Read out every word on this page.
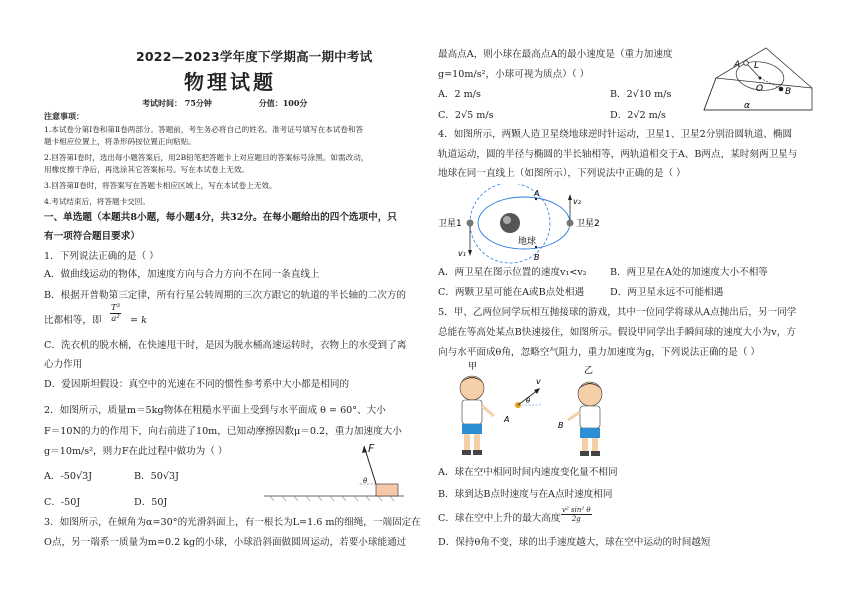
2022—2023学年度下学期高一期中考试
物理试题
考试时间： 75分钟	分值：100分
注意事项：
1.本试卷分第Ⅰ卷和第Ⅱ卷两部分。答题前，考生务必将自己的姓名、准考证号填写在本试卷和答
题卡相应位置上，将条形码按位置正向粘贴。
2.回答第Ⅰ卷时，选出每小题答案后，用2B铅笔把答题卡上对应题目的答案标号涂黑。如需改动，
用橡皮擦干净后，再选涂其它答案标号。写在本试卷上无效。
3.回答第Ⅱ卷时，将答案写在答题卡相应区域上，写在本试卷上无效。
4.考试结束后，将答题卡交回。
一、单选题（本题共8小题，每小题4分，共32分。在每小题给出的四个选项中，只
有一项符合题目要求）
1．下列说法正确的是（ ）
A．做曲线运动的物体，加速度方向与合力方向不在同一条直线上
B．根据开普勒第三定律，所有行星公转周期的三次方跟它的轨道的半长轴的二次方的
比都相等，即 $\frac{\text{T³}}{\text{a²}} = k$
C．洗衣机的脱水桶，在快速甩干时，是因为脱水桶高速运转时，衣物上的水受到了离
心力作用
D．爱因斯坦假设：真空中的光速在不同的惯性参考系中大小都是相同的
2．如图所示，质量m＝5kg物体在粗糙水平面上受到与水平面成 θ = 60°、大小
F＝10N的力的作用下，向右前进了10m，已知动摩擦因数μ＝0.2，重力加速度大小
g＝10m/s²，则力F在此过程中做功为（ ）
A．-50√3J	B．50√3J
C．-50J	D．50J
F
θ
3．如图所示，在倾角为α=30°的光滑斜面上，有一根长为L=1.6 m的细绳，一端固定在
O点，另一端系一质量为m=0.2 kg的小球，小球沿斜面做圆周运动，若要小球能通过
最高点A，则小球在最高点A的最小速度是（重力加速度
g=10m/s²，小球可视为质点）（ ）
A．2 m/s	B．2√10 m/s
C．2√5 m/s	D．2√2 m/s
A L
O B
α
4．如图所示，两颗人造卫星绕地球逆时针运动，卫星1、卫星2分别沿圆轨道、椭圆
轨道运动，圆的半径与椭圆的半长轴相等，两轨道相交于A、B两点，某时刻两卫星与
地球在同一直线上（如图所示），下列说法中正确的是（ ）
卫星1	卫星2
地球
A
B
v₁
v₂
A．两卫星在图示位置的速度v₁<v₂ B．两卫星在A处的加速度大小不相等
C．两颗卫星可能在A或B点处相遇	D．两卫星永远不可能相遇
5．甲、乙两位同学玩相互抛接球的游戏，其中一位同学将球从A点抛出后，另一同学
总能在等高处某点B快速接住，如图所示。假设甲同学出手瞬间球的速度大小为v，方
向与水平面成θ角，忽略空气阻力，重力加速度为g，下列说法正确的是（ ）
甲	乙
v
θ
A
B
A．球在空中相同时间内速度变化量不相同
B．球到达B点时速度与在A点时速度相同
C．球在空中上升的最大高度 $\frac{\text{v² sin² θ}}{2g}$
D．保持θ角不变，球的出手速度越大，球在空中运动的时间越短
